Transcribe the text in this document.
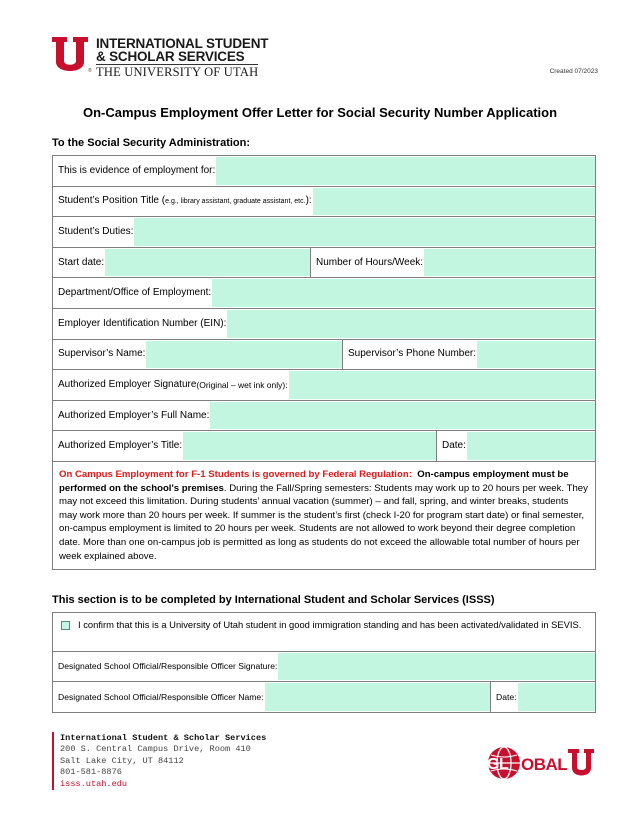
INTERNATIONAL STUDENT
& SCHOLAR SERVICES
THE UNIVERSITY OF UTAH
®	Created 07/2023
On-Campus Employment Offer Letter for Social Security Number Application
To the Social Security Administration:
This is evidence of employment for:
Student’s Position Title ( e.g., library assistant, graduate assistant, etc. ):
Student’s Duties:
Start date:	Number of Hours/Week:
Department/Office of Employment:
Employer Identification Number (EIN):
Supervisor’s Name:	Supervisor’s Phone Number:
Authorized Employer Signature (Original – wet ink only):
Authorized Employer’s Full Name:
Authorized Employer’s Title:	Date:
On Campus Employment for F-1 Students is governed by Federal Regulation: On-campus employment must be performed on the school's premises. During the Fall/Spring semesters: Students may work up to 20 hours per week. They may not exceed this limitation. During students’ annual vacation (summer) – and fall, spring, and winter breaks, students may work more than 20 hours per week. If summer is the student’s first (check I-20 for program start date) or final semester, on-campus employment is limited to 20 hours per week. Students are not allowed to work beyond their degree completion date. More than one on-campus job is permitted as long as students do not exceed the allowable total number of hours per week explained above.
This section is to be completed by International Student and Scholar Services (ISSS)
I confirm that this is a University of Utah student in good immigration standing and has been activated/validated in SEVIS.
Designated School Official/Responsible Officer Signature:
Designated School Official/Responsible Officer Name:	Date:
International Student & Scholar Services
200 S. Central Campus Drive, Room 410
Salt Lake City, UT 84112
801-581-8876
isss.utah.edu
GL OBAL
